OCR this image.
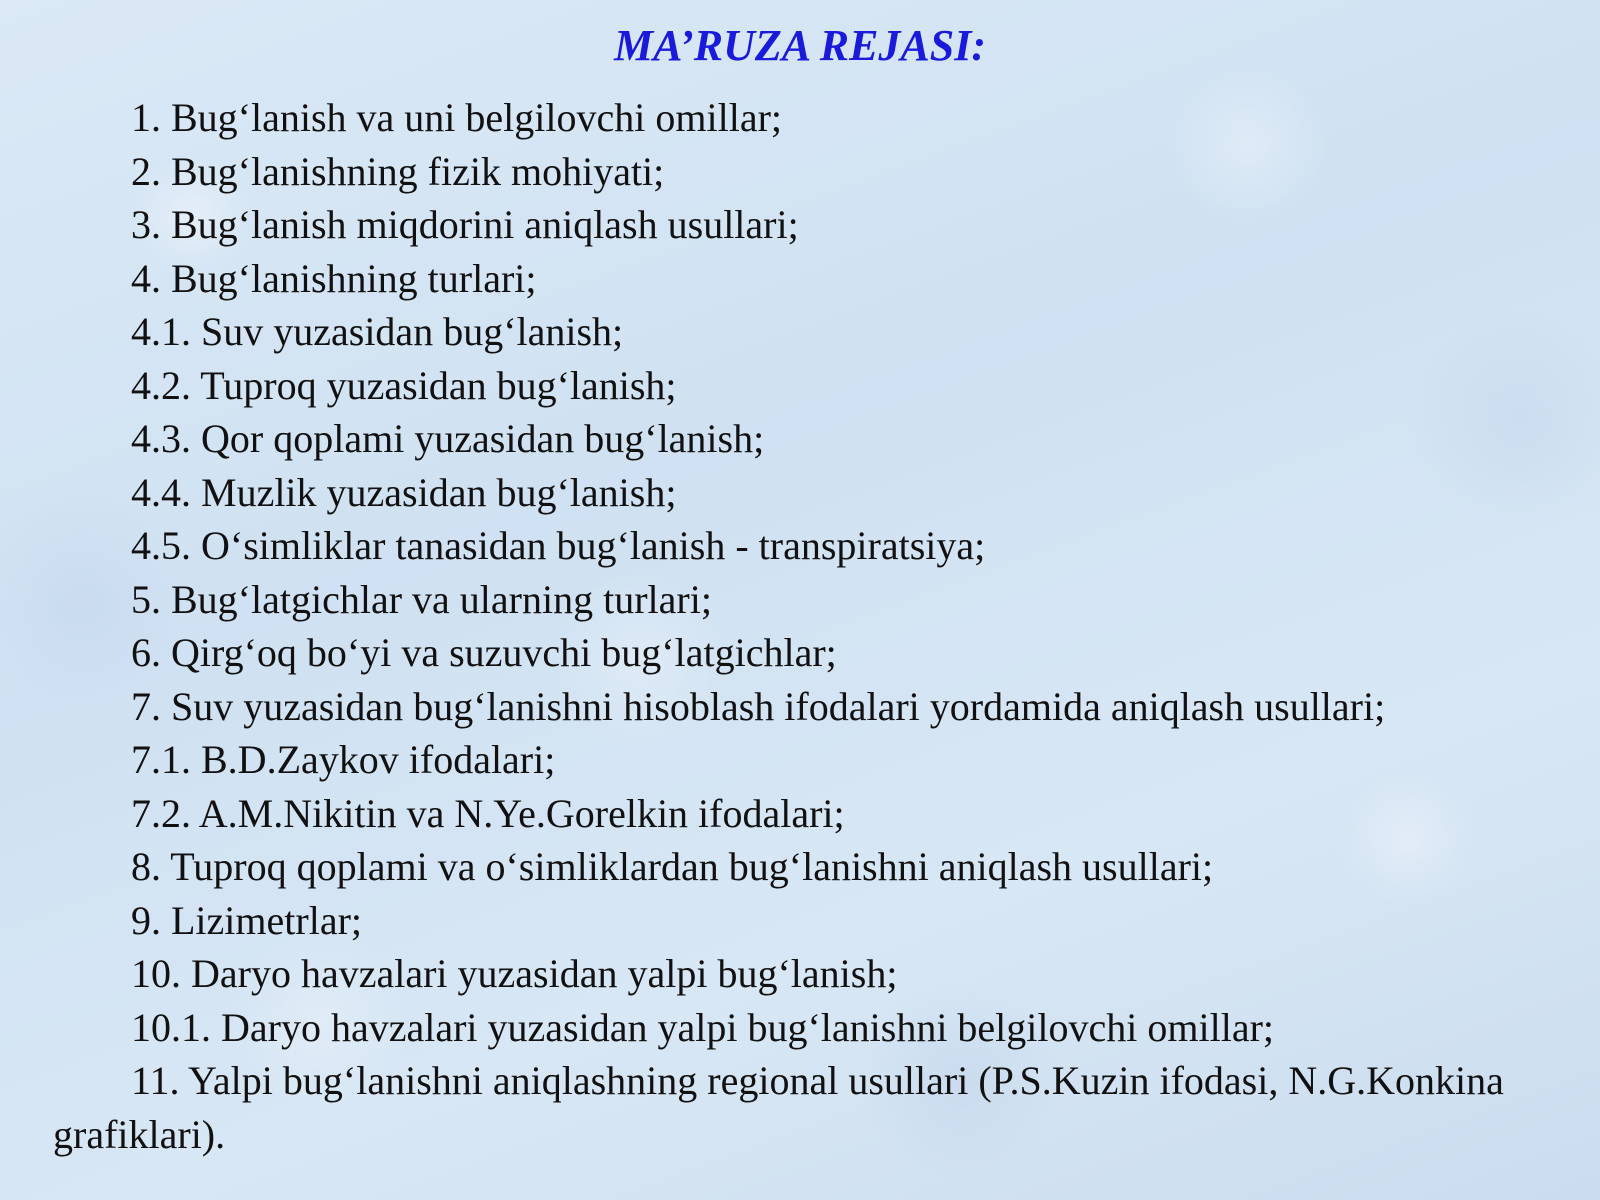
MA’RUZA REJASI:
1. Bug‘lanish va uni belgilovchi omillar;
2. Bug‘lanishning fizik mohiyati;
3. Bug‘lanish miqdorini aniqlash usullari;
4. Bug‘lanishning turlari;
4.1. Suv yuzasidan bug‘lanish;
4.2. Tuproq yuzasidan bug‘lanish;
4.3. Qor qoplami yuzasidan bug‘lanish;
4.4. Muzlik yuzasidan bug‘lanish;
4.5. O‘simliklar tanasidan bug‘lanish - transpiratsiya;
5. Bug‘latgichlar va ularning turlari;
6. Qirg‘oq bo‘yi va suzuvchi bug‘latgichlar;
7. Suv yuzasidan bug‘lanishni hisoblash ifodalari yordamida aniqlash usullari;
7.1. B.D.Zaykov ifodalari;
7.2. A.M.Nikitin va N.Ye.Gorelkin ifodalari;
8. Tuproq qoplami va o‘simliklardan bug‘lanishni aniqlash usullari;
9. Lizimetrlar;
10. Daryo havzalari yuzasidan yalpi bug‘lanish;
10.1. Daryo havzalari yuzasidan yalpi bug‘lanishni belgilovchi omillar;
11. Yalpi bug‘lanishni aniqlashning regional usullari (P.S.Kuzin ifodasi, N.G.Konkina grafiklari).
